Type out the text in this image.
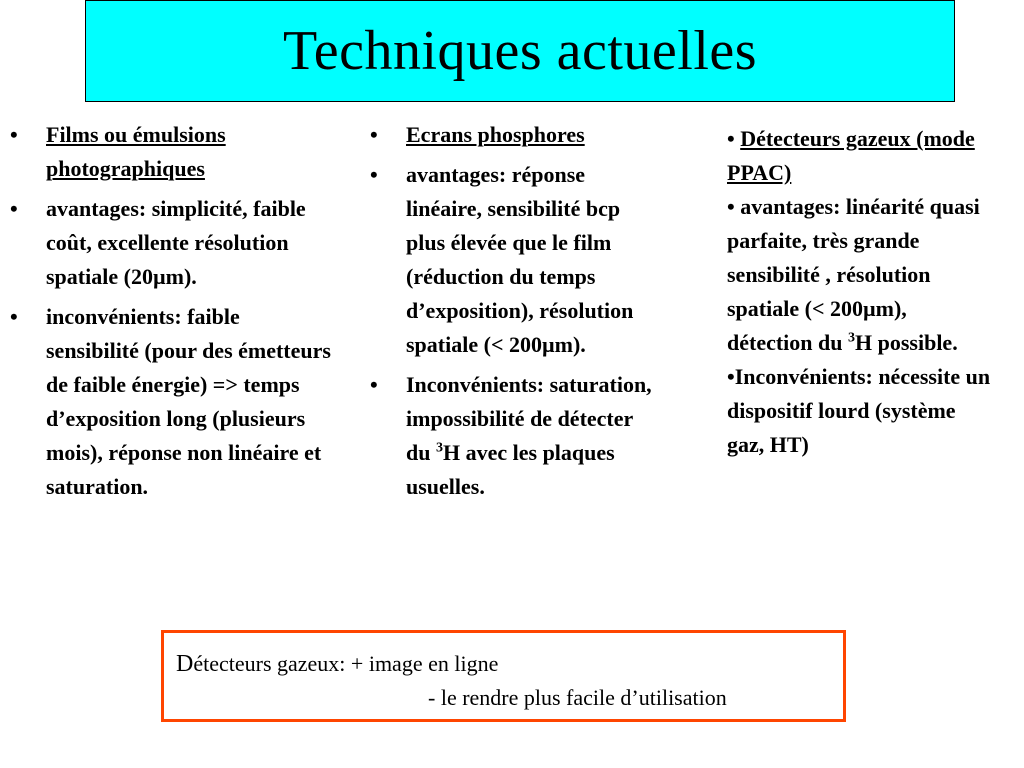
Techniques actuelles
• Films ou émulsions photographiques
• avantages: simplicité, faible coût, excellente résolution spatiale (20µm).
• inconvénients: faible sensibilité (pour des émetteurs de faible énergie) => temps d’exposition long (plusieurs mois), réponse non linéaire et saturation.
• Ecrans phosphores
• avantages: réponse linéaire, sensibilité bcp plus élevée que le film (réduction du temps d’exposition), résolution spatiale (< 200µm).
• Inconvénients: saturation, impossibilité de détecter du $^3$H avec les plaques usuelles.

• Détecteurs gazeux (mode PPAC)

• avantages: linéarité quasi parfaite, très grande sensibilité , résolution spatiale (< 200µm), détection du $^3$H possible.

•Inconvénients: nécessite un dispositif lourd (système gaz, HT)

Détecteurs gazeux: + image en ligne
- le rendre plus facile d’utilisation
